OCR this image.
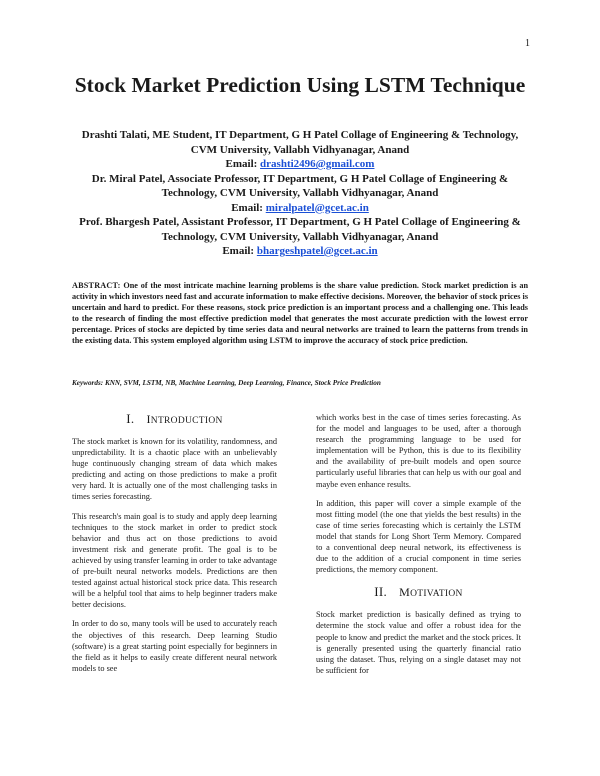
1
Stock Market Prediction Using LSTM Technique
Drashti Talati, ME Student, IT Department, G H Patel Collage of Engineering & Technology, CVM University, Vallabh Vidhyanagar, Anand
Email: drashti2496@gmail.com
Dr. Miral Patel, Associate Professor, IT Department, G H Patel Collage of Engineering & Technology, CVM University, Vallabh Vidhyanagar, Anand
Email: miralpatel@gcet.ac.in
Prof. Bhargesh Patel, Assistant Professor, IT Department, G H Patel Collage of Engineering & Technology, CVM University, Vallabh Vidhyanagar, Anand
Email: bhargeshpatel@gcet.ac.in
ABSTRACT: One of the most intricate machine learning problems is the share value prediction. Stock market prediction is an activity in which investors need fast and accurate information to make effective decisions. Moreover, the behavior of stock prices is uncertain and hard to predict. For these reasons, stock price prediction is an important process and a challenging one. This leads to the research of finding the most effective prediction model that generates the most accurate prediction with the lowest error percentage. Prices of stocks are depicted by time series data and neural networks are trained to learn the patterns from trends in the existing data. This system employed algorithm using LSTM to improve the accuracy of stock price prediction.
Keywords: KNN, SVM, LSTM, NB, Machine Learning, Deep Learning, Finance, Stock Price Prediction
I. INTRODUCTION

The stock market is known for its volatility, randomness, and unpredictability. It is a chaotic place with an unbelievably huge continuously changing stream of data which makes predicting and acting on those predictions to make a profit very hard. It is actually one of the most challenging tasks in times series forecasting.

This research's main goal is to study and apply deep learning techniques to the stock market in order to predict stock behavior and thus act on those predictions to avoid investment risk and generate profit. The goal is to be achieved by using transfer learning in order to take advantage of pre-built neural networks models. Predictions are then tested against actual historical stock price data. This research will be a helpful tool that aims to help beginner traders make better decisions.

In order to do so, many tools will be used to accurately reach the objectives of this research. Deep learning Studio (software) is a great starting point especially for beginners in the field as it helps to easily create different neural network models to see

which works best in the case of times series forecasting. As for the model and languages to be used, after a thorough research the programming language to be used for implementation will be Python, this is due to its flexibility and the availability of pre-built models and open source particularly useful libraries that can help us with our goal and maybe even enhance results.

In addition, this paper will cover a simple example of the most fitting model (the one that yields the best results) in the case of time series forecasting which is certainly the LSTM model that stands for Long Short Term Memory. Compared to a conventional deep neural network, its effectiveness is due to the addition of a crucial component in time series predictions, the memory component.

II. MOTIVATION

Stock market prediction is basically defined as trying to determine the stock value and offer a robust idea for the people to know and predict the market and the stock prices. It is generally presented using the quarterly financial ratio using the dataset. Thus, relying on a single dataset may not be sufficient for
